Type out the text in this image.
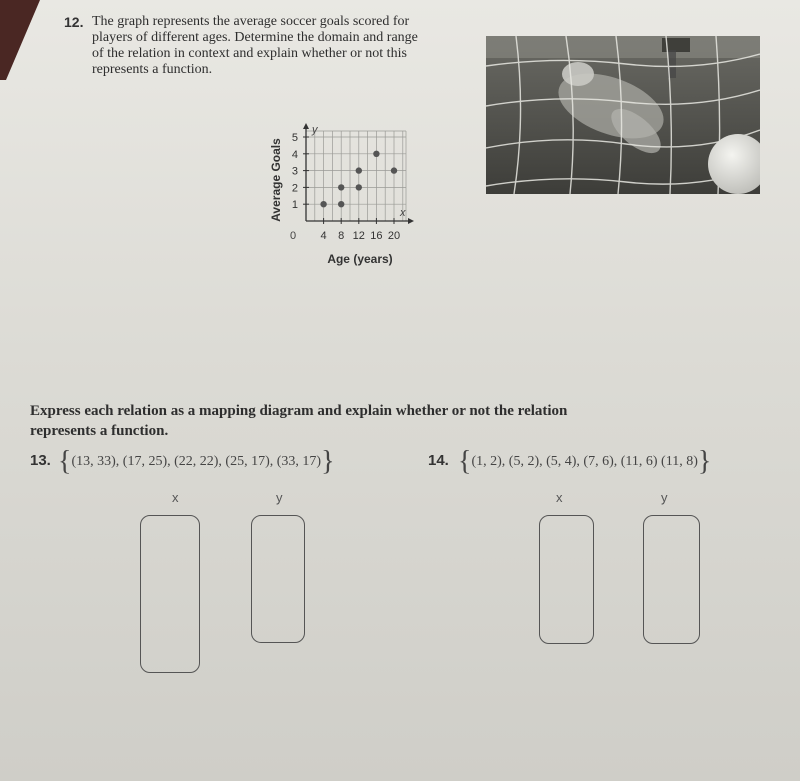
12. The graph represents the average soccer goals scored for
players of different ages. Determine the domain and range
of the relation in context and explain whether or not this
represents a function.
4 8 12 16 20
1
2
3
4
5
x
y
0
Age (years)
Average Goals
Express each relation as a mapping diagram and explain whether or not the relation
represents a function.
13. {(13, 33), (17, 25), (22, 22), (25, 17), (33, 17)}
x	y
14. {(1, 2), (5, 2), (5, 4), (7, 6), (11, 6) (11, 8)}
x	y
